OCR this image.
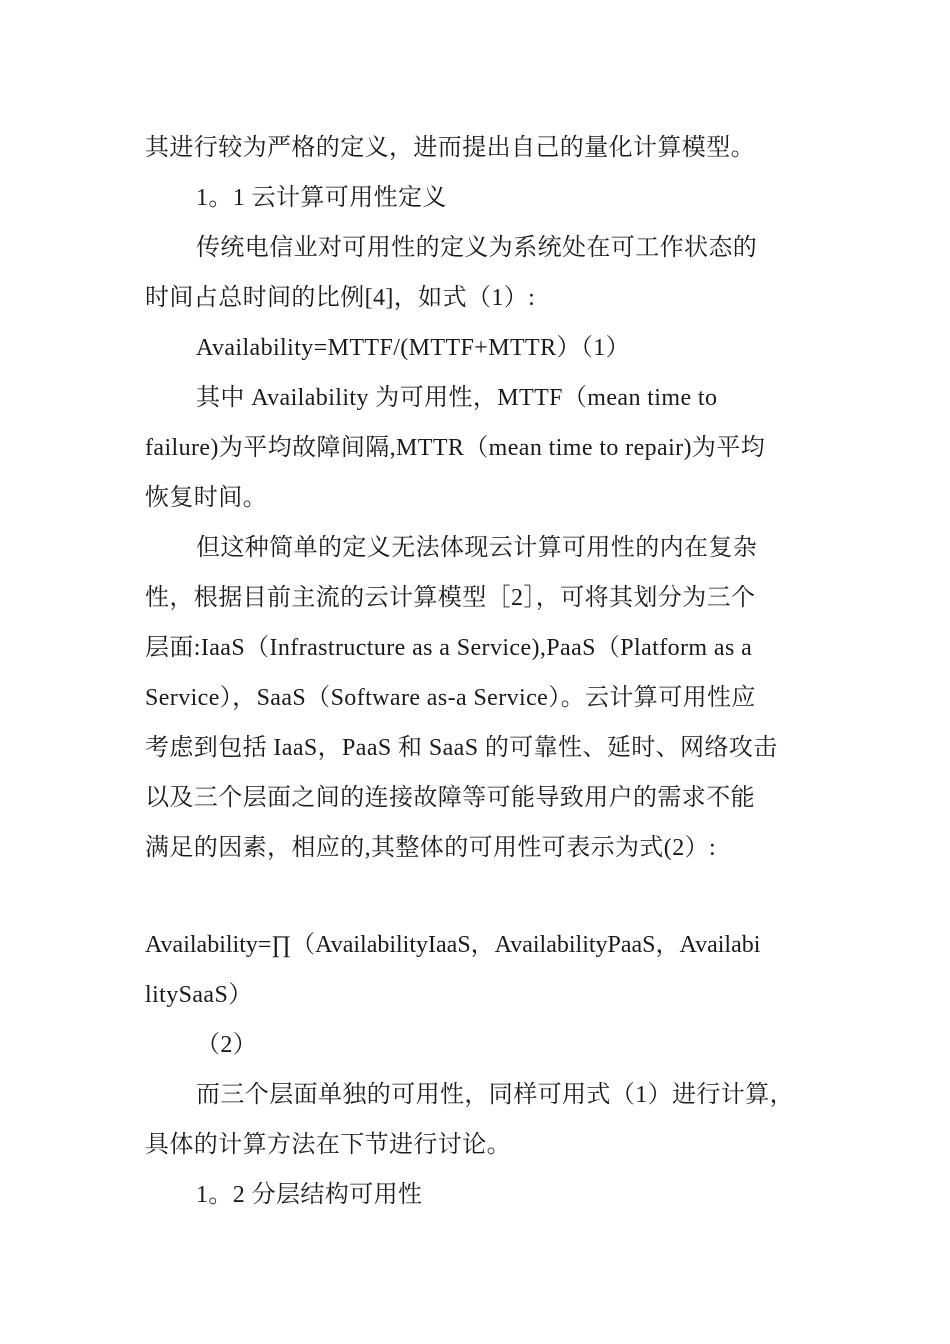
其进行较为严格的定义，进而提出自己的量化计算模型。
1。1 云计算可用性定义
传统电信业对可用性的定义为系统处在可工作状态的
时间占总时间的比例[4]，如式（1）:
Availability=MTTF/(MTTF+MTTR）（1）
其中 Availability 为可用性，MTTF（mean time to
failure)为平均故障间隔,MTTR（mean time to repair)为平均
恢复时间。
但这种简单的定义无法体现云计算可用性的内在复杂
性，根据目前主流的云计算模型［2］，可将其划分为三个
层面:IaaS（Infrastructure as a Service),PaaS（Platform as a
Service），SaaS（Software as-a Service）。云计算可用性应
考虑到包括 IaaS，PaaS 和 SaaS 的可靠性、延时、网络攻击
以及三个层面之间的连接故障等可能导致用户的需求不能
满足的因素，相应的,其整体的可用性可表示为式(2）:
Availability=∏（AvailabilityIaaS，AvailabilityPaaS，Availabi
litySaaS）
（2）
而三个层面单独的可用性，同样可用式（1）进行计算，
具体的计算方法在下节进行讨论。
1。2 分层结构可用性
